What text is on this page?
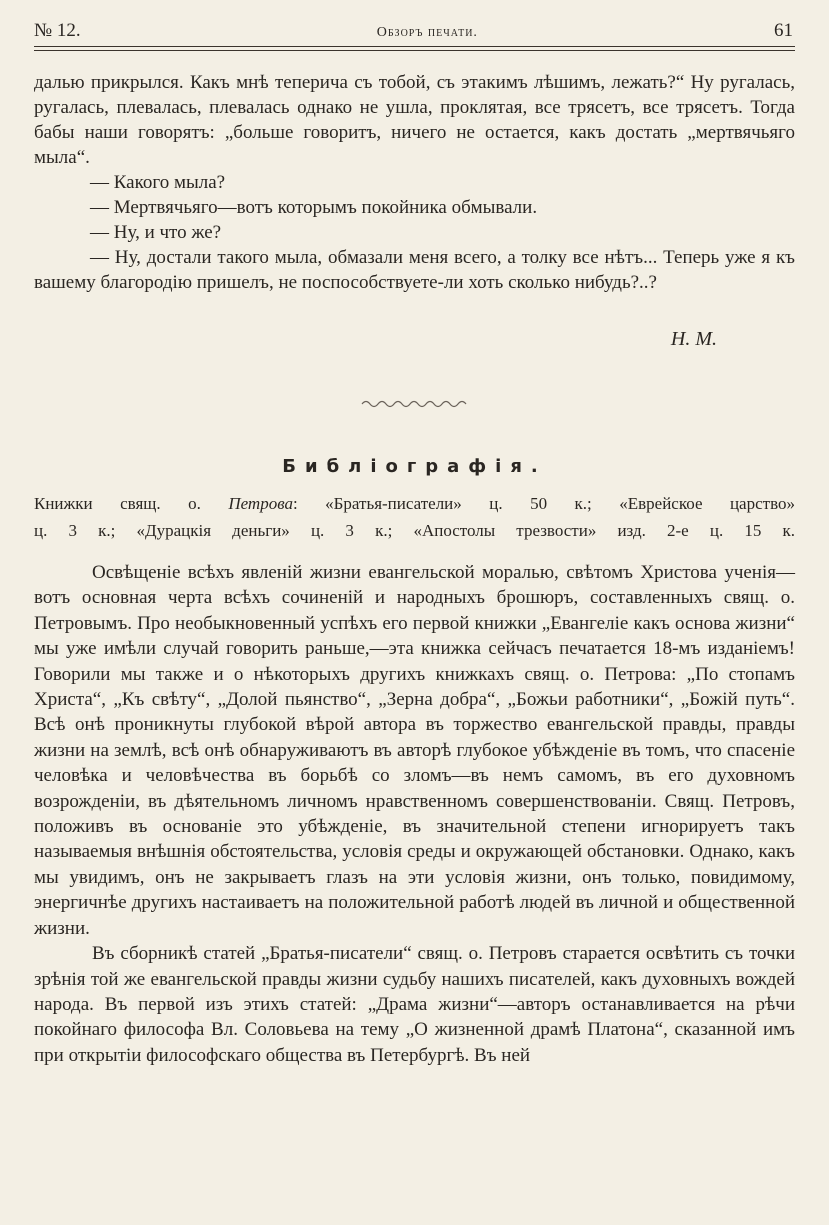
№ 12.	Обзоръ печати.	61

далью прикрылся. Какъ мнѣ теперича съ тобой, съ этакимъ лѣшимъ, лежать?“ Ну ругалась, ругалась, плевалась, плевалась однако не ушла, проклятая, все трясетъ, все трясетъ. Тогда бабы наши говорятъ: „больше говоритъ, ничего не остается, какъ достать „мертвячьяго мыла“.

— Какого мыла?

— Мертвячьяго—вотъ которымъ покойника обмывали.

— Ну, и что же?

— Ну, достали такого мыла, обмазали меня всего, а толку все нѣтъ... Теперь уже я къ вашему благородію пришелъ, не поспособствуете-ли хоть сколько нибудь?..?

Н. М.
Библіографія.
Книжки свящ. о. Петрова: «Братья-писатели» ц. 50 к.; «Еврейское царство»
ц. 3 к.; «Дурацкія деньги» ц. 3 к.; «Апостолы трезвости» изд. 2-е ц. 15 к.

Освѣщеніе всѣхъ явленій жизни евангельской моралью, свѣтомъ Христова ученія—вотъ основная черта всѣхъ сочиненій и народныхъ брошюръ, составленныхъ свящ. о. Петровымъ. Про необыкновенный успѣхъ его первой книжки „Евангеліе какъ основа жизни“ мы уже имѣли случай говорить раньше,—эта книжка сейчасъ печатается 18-мъ изданіемъ! Говорили мы также и о нѣкоторыхъ другихъ книжкахъ свящ. о. Петрова: „По стопамъ Христа“, „Къ свѣту“, „Долой пьянство“, „Зерна добра“, „Божьи работники“, „Божій путь“. Всѣ онѣ проникнуты глубокой вѣрой автора въ торжество евангельской правды, правды жизни на землѣ, всѣ онѣ обнаруживаютъ въ авторѣ глубокое убѣжденіе въ томъ, что спасеніе человѣка и человѣчества въ борьбѣ со зломъ—въ немъ самомъ, въ его духовномъ возрожденіи, въ дѣятельномъ личномъ нравственномъ совершенствованіи. Свящ. Петровъ, положивъ въ основаніе это убѣжденіе, въ значительной степени игнорируетъ такъ называемыя внѣшнія обстоятельства, условія среды и окружающей обстановки. Однако, какъ мы увидимъ, онъ не закрываетъ глазъ на эти условія жизни, онъ только, повидимому, энергичнѣе другихъ настаиваетъ на положительной работѣ людей въ личной и общественной жизни.

Въ сборникѣ статей „Братья-писатели“ свящ. о. Петровъ старается освѣтить съ точки зрѣнія той же евангельской правды жизни судьбу нашихъ писателей, какъ духовныхъ вождей народа. Въ первой изъ этихъ статей: „Драма жизни“—авторъ останавливается на рѣчи покойнаго философа Вл. Соловьева на тему „О жизненной драмѣ Платона“, сказанной имъ при открытіи философскаго общества въ Петербургѣ. Въ ней
